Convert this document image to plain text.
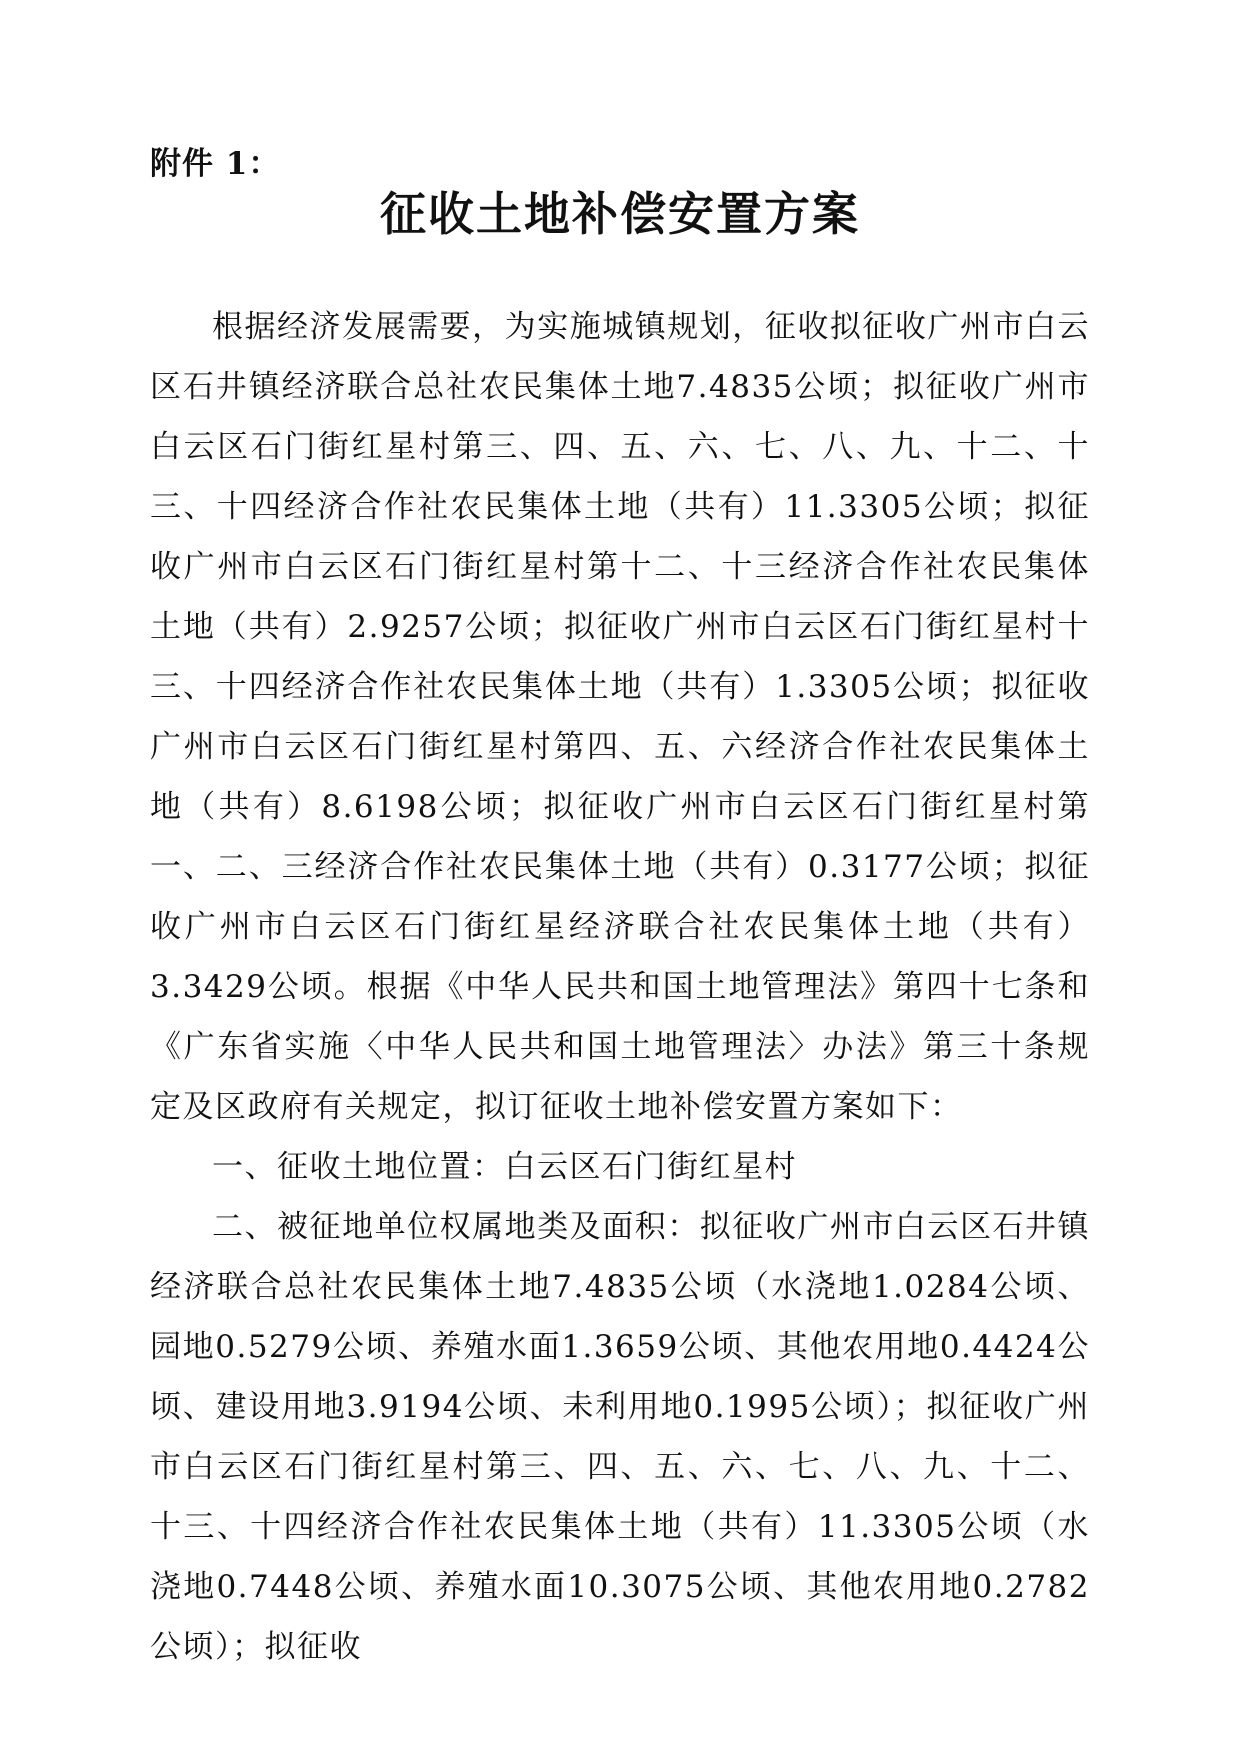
附件 1：
征收土地补偿安置方案

根据经济发展需要，为实施城镇规划，征收拟征收广州市白云区石井镇经济联合总社农民集体土地7.4835公顷；拟征收广州市白云区石门街红星村第三、四、五、六、七、八、九、十二、十三、十四经济合作社农民集体土地（共有）11.3305公顷；拟征收广州市白云区石门街红星村第十二、十三经济合作社农民集体土地（共有）2.9257公顷；拟征收广州市白云区石门街红星村十三、十四经济合作社农民集体土地（共有）1.3305公顷；拟征收广州市白云区石门街红星村第四、五、六经济合作社农民集体土地（共有）8.6198公顷；拟征收广州市白云区石门街红星村第一、二、三经济合作社农民集体土地（共有）0.3177公顷；拟征收广州市白云区石门街红星经济联合社农民集体土地（共有）3.3429公顷。根据《中华人民共和国土地管理法》第四十七条和《广东省实施〈中华人民共和国土地管理法〉办法》第三十条规定及区政府有关规定，拟订征收土地补偿安置方案如下：

一、征收土地位置：白云区石门街红星村

二、被征地单位权属地类及面积：拟征收广州市白云区石井镇经济联合总社农民集体土地7.4835公顷（水浇地1.0284公顷、园地0.5279公顷、养殖水面1.3659公顷、其他农用地0.4424公顷、建设用地3.9194公顷、未利用地0.1995公顷）；拟征收广州市白云区石门街红星村第三、四、五、六、七、八、九、十二、十三、十四经济合作社农民集体土地（共有）11.3305公顷（水浇地0.7448公顷、养殖水面10.3075公顷、其他农用地0.2782公顷）；拟征收
